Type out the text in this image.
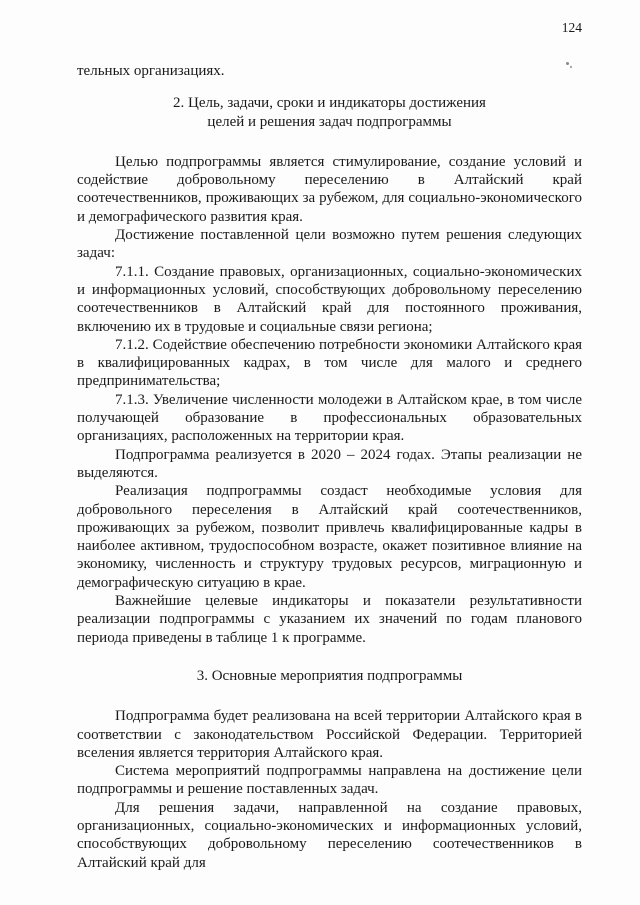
124

тельных организациях.

2. Цель, задачи, сроки и индикаторы достижения

целей и решения задач подпрограммы

Целью подпрограммы является стимулирование, создание условий и содействие добровольному переселению в Алтайский край соотечественников, проживающих за рубежом, для социально-экономического и демографического развития края.

Достижение поставленной цели возможно путем решения следующих задач:

7.1.1. Создание правовых, организационных, социально-экономических и информационных условий, способствующих добровольному переселению соотечественников в Алтайский край для постоянного проживания, включению их в трудовые и социальные связи региона;

7.1.2. Содействие обеспечению потребности экономики Алтайского края в квалифицированных кадрах, в том числе для малого и среднего предпринимательства;

7.1.3. Увеличение численности молодежи в Алтайском крае, в том числе получающей образование в профессиональных образовательных организациях, расположенных на территории края.

Подпрограмма реализуется в 2020 – 2024 годах. Этапы реализации не выделяются.

Реализация подпрограммы создаст необходимые условия для добровольного переселения в Алтайский край соотечественников, проживающих за рубежом, позволит привлечь квалифицированные кадры в наиболее активном, трудоспособном возрасте, окажет позитивное влияние на экономику, численность и структуру трудовых ресурсов, миграционную и демографическую ситуацию в крае.

Важнейшие целевые индикаторы и показатели результативности реализации подпрограммы с указанием их значений по годам планового периода приведены в таблице 1 к программе.

3. Основные мероприятия подпрограммы

Подпрограмма будет реализована на всей территории Алтайского края в соответствии с законодательством Российской Федерации. Территорией вселения является территория Алтайского края.

Система мероприятий подпрограммы направлена на достижение цели подпрограммы и решение поставленных задач.

Для решения задачи, направленной на создание правовых, организационных, социально-экономических и информационных условий, способствующих добровольному переселению соотечественников в Алтайский край для
